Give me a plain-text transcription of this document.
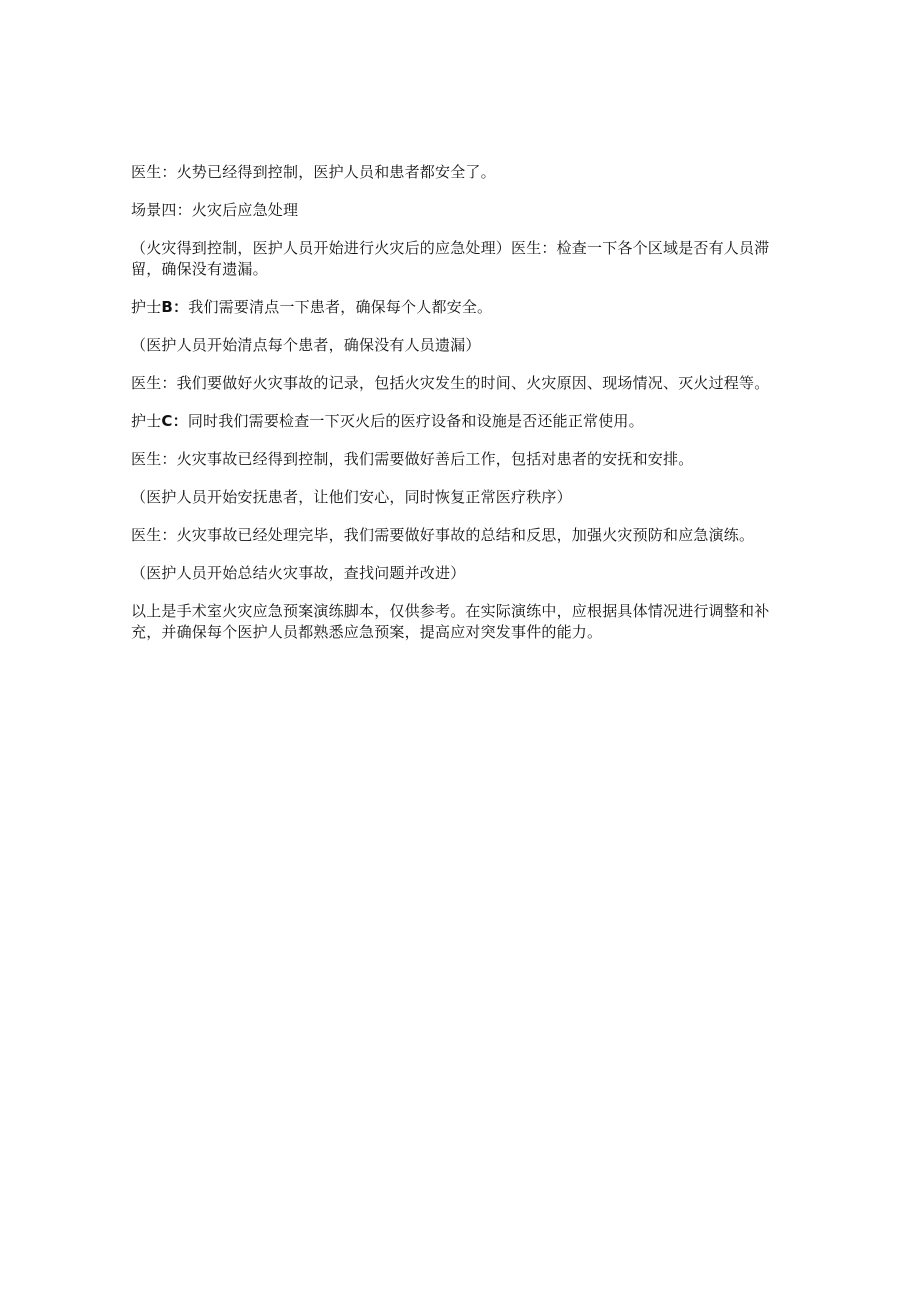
医生：火势已经得到控制，医护人员和患者都安全了。

场景四：火灾后应急处理

（火灾得到控制，医护人员开始进行火灾后的应急处理）医生：检查一下各个区域是否有人员滞留，确保没有遗漏。

护士B：我们需要清点一下患者，确保每个人都安全。

（医护人员开始清点每个患者，确保没有人员遗漏）

医生：我们要做好火灾事故的记录，包括火灾发生的时间、火灾原因、现场情况、灭火过程等。

护士C：同时我们需要检查一下灭火后的医疗设备和设施是否还能正常使用。

医生：火灾事故已经得到控制，我们需要做好善后工作，包括对患者的安抚和安排。

（医护人员开始安抚患者，让他们安心，同时恢复正常医疗秩序）

医生：火灾事故已经处理完毕，我们需要做好事故的总结和反思，加强火灾预防和应急演练。

（医护人员开始总结火灾事故，查找问题并改进）

以上是手术室火灾应急预案演练脚本，仅供参考。在实际演练中，应根据具体情况进行调整和补充，并确保每个医护人员都熟悉应急预案，提高应对突发事件的能力。
